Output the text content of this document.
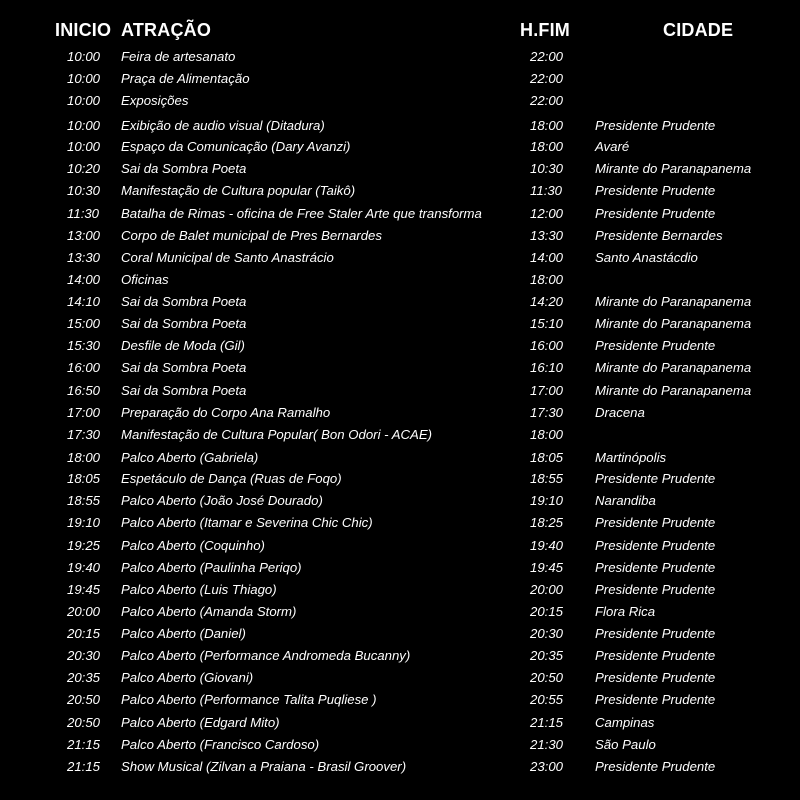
INICIO ATRAÇÃO	H.FIM	CIDADE
10:00 Feira de artesanato	22:00
10:00 Praça de Alimentação	22:00
10:00 Exposições	22:00
10:00 Exibição de audio visual (Ditadura)	18:00 Presidente Prudente
10:00 Espaço da Comunicação (Dary Avanzi)	18:00 Avaré
10:20 Sai da Sombra Poeta	10:30 Mirante do Paranapanema
10:30 Manifestação de Cultura popular (Taikô)	11:30 Presidente Prudente
11:30 Batalha de Rimas - oficina de Free Staler Arte que transforma	12:00 Presidente Prudente
13:00 Corpo de Balet municipal de Pres Bernardes	13:30 Presidente Bernardes
13:30 Coral Municipal de Santo Anastrácio	14:00 Santo Anastácdio
14:00 Oficinas	18:00
14:10 Sai da Sombra Poeta	14:20 Mirante do Paranapanema
15:00 Sai da Sombra Poeta	15:10 Mirante do Paranapanema
15:30 Desfile de Moda (Gil)	16:00 Presidente Prudente
16:00 Sai da Sombra Poeta	16:10 Mirante do Paranapanema
16:50 Sai da Sombra Poeta	17:00 Mirante do Paranapanema
17:00 Preparação do Corpo Ana Ramalho	17:30 Dracena
17:30 Manifestação de Cultura Popular( Bon Odori - ACAE)	18:00
18:00 Palco Aberto (Gabriela)	18:05 Martinópolis
18:05 Espetáculo de Dança (Ruas de Foqo)	18:55 Presidente Prudente
18:55 Palco Aberto (João José Dourado)	19:10 Narandiba
19:10 Palco Aberto (Itamar e Severina Chic Chic)	18:25 Presidente Prudente
19:25 Palco Aberto (Coquinho)	19:40 Presidente Prudente
19:40 Palco Aberto (Paulinha Periqo)	19:45 Presidente Prudente
19:45 Palco Aberto (Luis Thiago)	20:00 Presidente Prudente
20:00 Palco Aberto (Amanda Storm)	20:15 Flora Rica
20:15 Palco Aberto (Daniel)	20:30 Presidente Prudente
20:30 Palco Aberto (Performance Andromeda Bucanny)	20:35 Presidente Prudente
20:35 Palco Aberto (Giovani)	20:50 Presidente Prudente
20:50 Palco Aberto (Performance Talita Puqliese )	20:55 Presidente Prudente
20:50 Palco Aberto (Edgard Mito)	21:15 Campinas
21:15 Palco Aberto (Francisco Cardoso)	21:30 São Paulo
21:15 Show Musical (Zilvan a Praiana - Brasil Groover)	23:00 Presidente Prudente
